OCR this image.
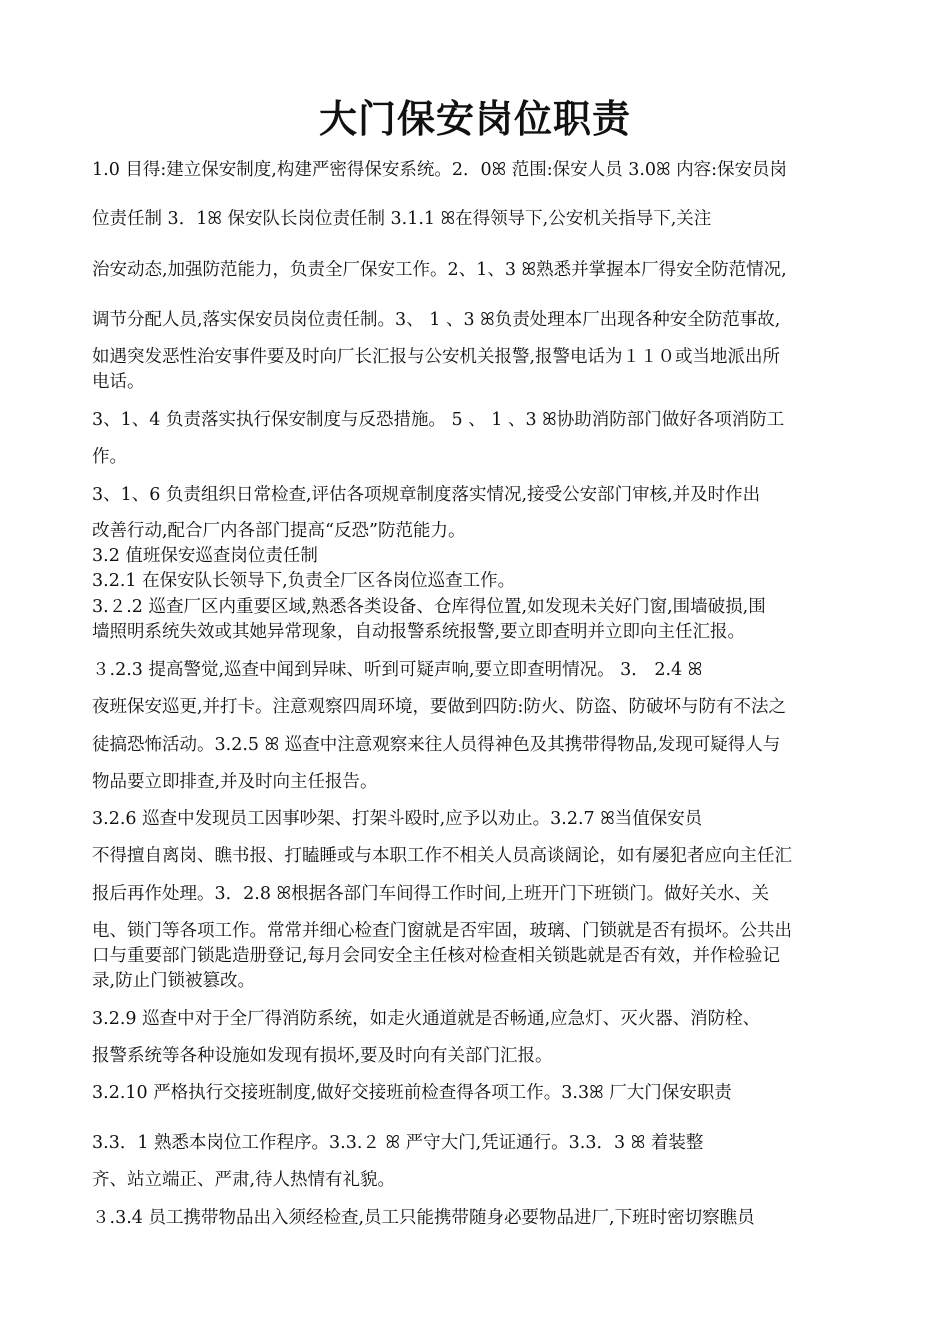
大门保安岗位职责
1.0 目得:建立保安制度,构建严密得保安系统。2．0ꕤ 范围:保安人员 3.0ꕤ 内容:保安员岗
位责任制 3．1ꕤ 保安队长岗位责任制 3.1.1 ꕤ在得领导下,公安机关指导下,关注
治安动态,加强防范能力，负责全厂保安工作。2、1、3 ꕤ熟悉并掌握本厂得安全防范情况,
调节分配人员,落实保安员岗位责任制。3、 1 、3 ꕤ负责处理本厂出现各种安全防范事故,
如遇突发恶性治安事件要及时向厂长汇报与公安机关报警,报警电话为１１０或当地派出所
电话。
3、1、4 负责落实执行保安制度与反恐措施。 5 、 1 、3 ꕤ协助消防部门做好各项消防工
作。
3、1、6 负责组织日常检查,评估各项规章制度落实情况,接受公安部门审核,并及时作出
改善行动,配合厂内各部门提高“反恐”防范能力。
3.2 值班保安巡查岗位责任制
3.2.1 在保安队长领导下,负责全厂区各岗位巡查工作。
3.２.2 巡查厂区内重要区域,熟悉各类设备、仓库得位置,如发现未关好门窗,围墙破损,围
墙照明系统失效或其她异常现象，自动报警系统报警,要立即查明并立即向主任汇报。
３.2.3 提高警觉,巡查中闻到异味、听到可疑声响,要立即查明情况。 3． 2.4 ꕤ
夜班保安巡更,并打卡。注意观察四周环境，要做到四防:防火、防盗、防破坏与防有不法之
徒搞恐怖活动。3.2.5 ꕤ 巡查中注意观察来往人员得神色及其携带得物品,发现可疑得人与
物品要立即排查,并及时向主任报告。
3.2.6 巡查中发现员工因事吵架、打架斗殴时,应予以劝止。3.2.7 ꕤ当值保安员
不得擅自离岗、瞧书报、打瞌睡或与本职工作不相关人员高谈阔论，如有屡犯者应向主任汇
报后再作处理。3．2.8 ꕤ根据各部门车间得工作时间,上班开门下班锁门。做好关水、关
电、锁门等各项工作。常常并细心检查门窗就是否牢固，玻璃、门锁就是否有损坏。公共出
口与重要部门锁匙造册登记,每月会同安全主任核对检查相关锁匙就是否有效，并作检验记
录,防止门锁被篡改。
3.2.9 巡查中对于全厂得消防系统，如走火通道就是否畅通,应急灯、灭火器、消防栓、
报警系统等各种设施如发现有损坏,要及时向有关部门汇报。
3.2.10 严格执行交接班制度,做好交接班前检查得各项工作。3.3ꕤ 厂大门保安职责
3.3．1 熟悉本岗位工作程序。3.3.２ ꕤ 严守大门,凭证通行。3.3．3 ꕤ 着装整
齐、站立端正、严肃,待人热情有礼貌。
３.3.4 员工携带物品出入须经检查,员工只能携带随身必要物品进厂,下班时密切察瞧员
